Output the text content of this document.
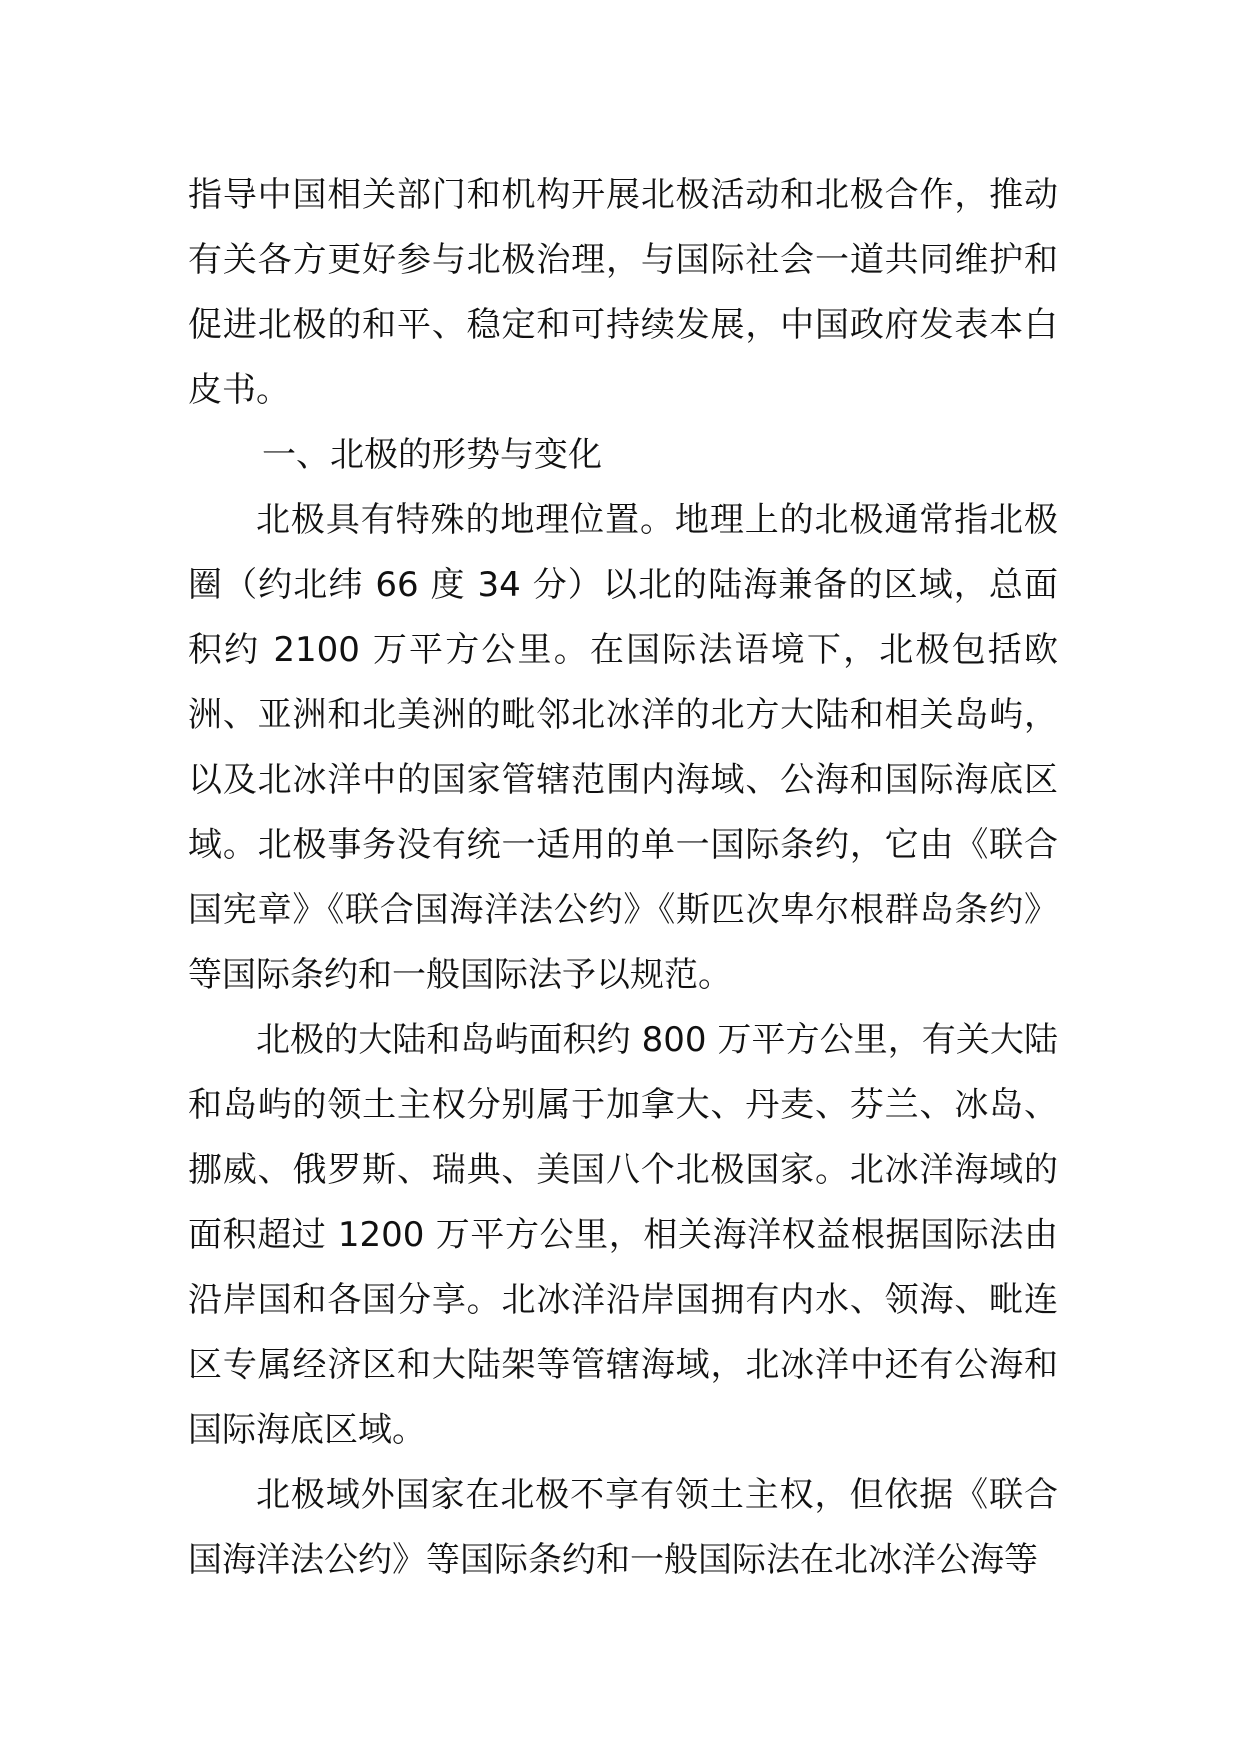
指导中国相关部门和机构开展北极活动和北极合作，推动有关各方更好参与北极治理，与国际社会一道共同维护和促进北极的和平、稳定和可持续发展，中国政府发表本白皮书。

一、北极的形势与变化

北极具有特殊的地理位置。地理上的北极通常指北极圈（约北纬 66 度 34 分）以北的陆海兼备的区域，总面积约 2100 万平方公里。在国际法语境下，北极包括欧洲、亚洲和北美洲的毗邻北冰洋的北方大陆和相关岛屿，以及北冰洋中的国家管辖范围内海域、公海和国际海底区域。北极事务没有统一适用的单一国际条约，它由《联合国宪章》《联合国海洋法公约》《斯匹次卑尔根群岛条约》等国际条约和一般国际法予以规范。

北极的大陆和岛屿面积约 800 万平方公里，有关大陆和岛屿的领土主权分别属于加拿大、丹麦、芬兰、冰岛、挪威、俄罗斯、瑞典、美国八个北极国家。北冰洋海域的面积超过 1200 万平方公里，相关海洋权益根据国际法由沿岸国和各国分享。北冰洋沿岸国拥有内水、领海、毗连区专属经济区和大陆架等管辖海域，北冰洋中还有公海和国际海底区域。

北极域外国家在北极不享有领土主权，但依据《联合国海洋法公约》等国际条约和一般国际法在北冰洋公海等
